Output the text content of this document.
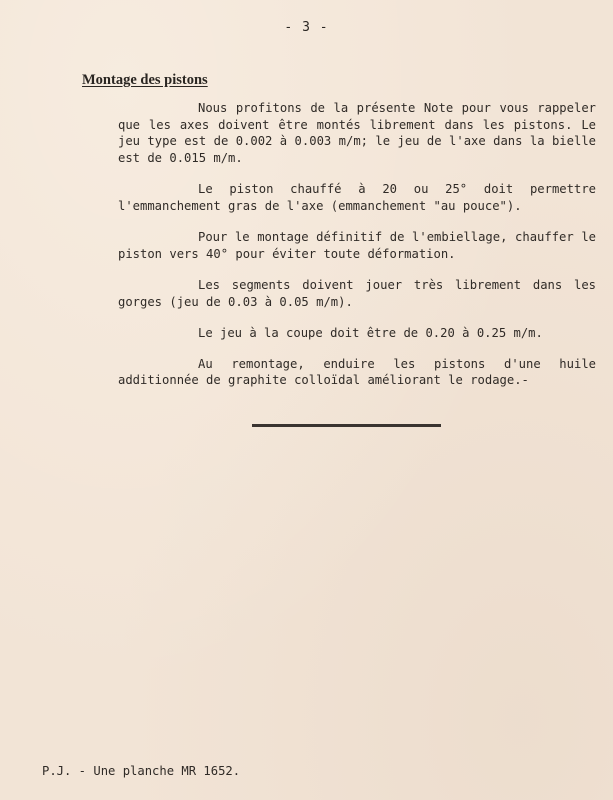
- 3 -
Montage des pistons

Nous profitons de la présente Note pour vous rappeler que les axes doivent être montés librement dans les pistons. Le jeu type est de 0.002 à 0.003 m/m; le jeu de l'axe dans la bielle est de 0.015 m/m.

Le piston chauffé à 20 ou 25° doit permettre l'emmanchement gras de l'axe (emmanchement "au pouce").

Pour le montage définitif de l'embiellage, chauffer le piston vers 40° pour éviter toute déformation.

Les segments doivent jouer très librement dans les gorges (jeu de 0.03 à 0.05 m/m).

Le jeu à la coupe doit être de 0.20 à 0.25 m/m.

Au remontage, enduire les pistons d'une huile additionnée de graphite colloïdal améliorant le rodage.-

P.J. - Une planche MR 1652.
